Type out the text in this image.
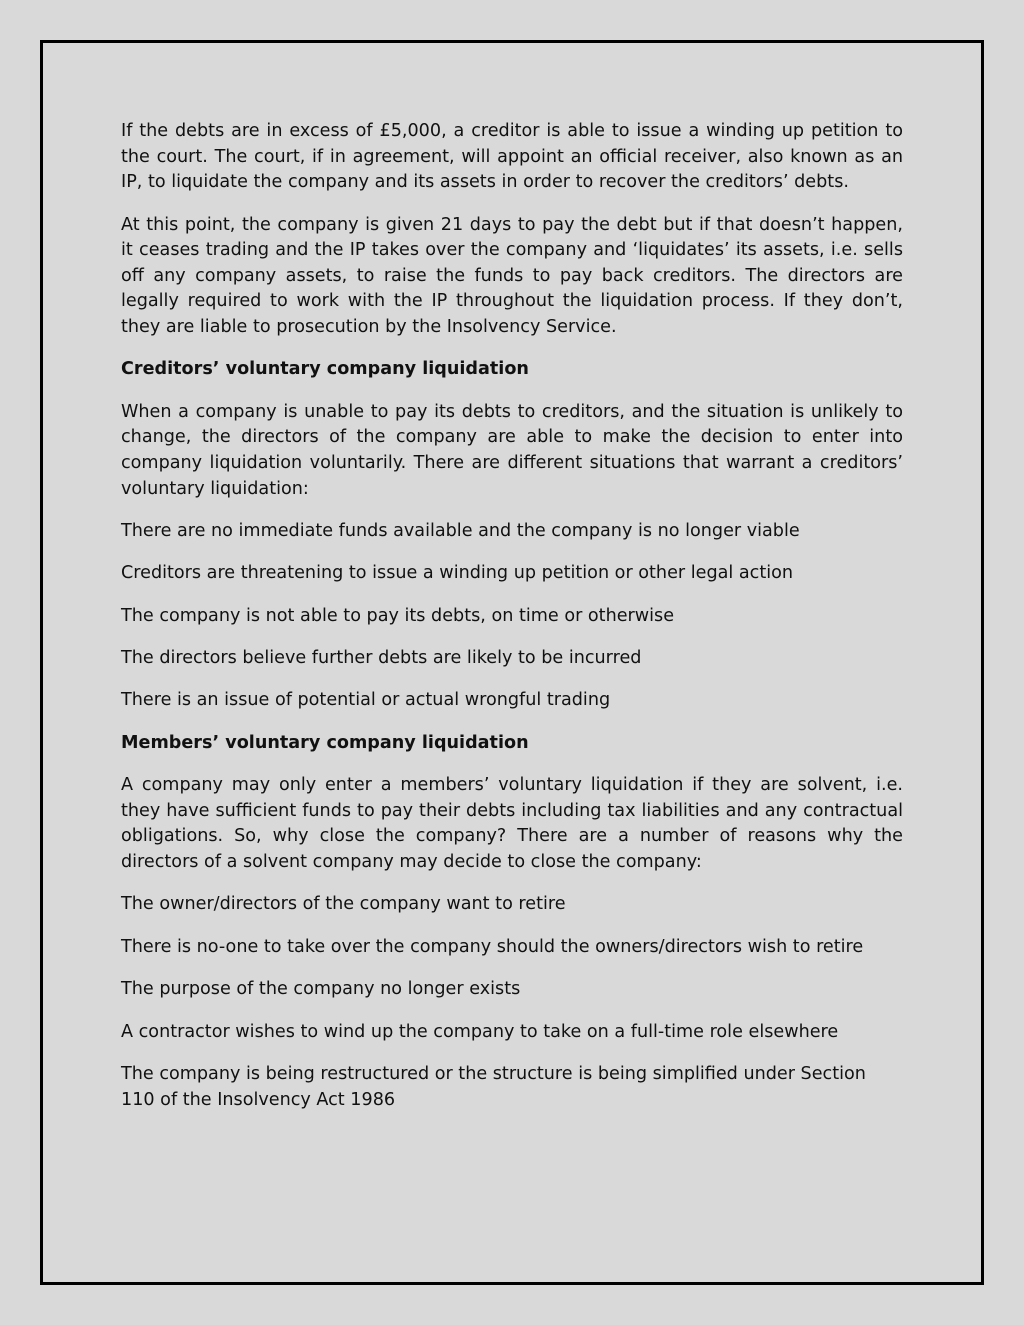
If the debts are in excess of £5,000, a creditor is able to issue a winding up petition to the court. The court, if in agreement, will appoint an official receiver, also known as an IP, to liquidate the company and its assets in order to recover the creditors’ debts.

At this point, the company is given 21 days to pay the debt but if that doesn’t happen, it ceases trading and the IP takes over the company and ‘liquidates’ its assets, i.e. sells off any company assets, to raise the funds to pay back creditors. The directors are legally required to work with the IP throughout the liquidation process. If they don’t, they are liable to prosecution by the Insolvency Service.

Creditors’ voluntary company liquidation

When a company is unable to pay its debts to creditors, and the situation is unlikely to change, the directors of the company are able to make the decision to enter into company liquidation voluntarily. There are different situations that warrant a creditors’ voluntary liquidation:

There are no immediate funds available and the company is no longer viable

Creditors are threatening to issue a winding up petition or other legal action

The company is not able to pay its debts, on time or otherwise

The directors believe further debts are likely to be incurred

There is an issue of potential or actual wrongful trading

Members’ voluntary company liquidation

A company may only enter a members’ voluntary liquidation if they are solvent, i.e. they have sufficient funds to pay their debts including tax liabilities and any contractual obligations. So, why close the company? There are a number of reasons why the directors of a solvent company may decide to close the company:

The owner/directors of the company want to retire

There is no-one to take over the company should the owners/directors wish to retire

The purpose of the company no longer exists

A contractor wishes to wind up the company to take on a full-time role elsewhere

The company is being restructured or the structure is being simplified under Section 110 of the Insolvency Act 1986
